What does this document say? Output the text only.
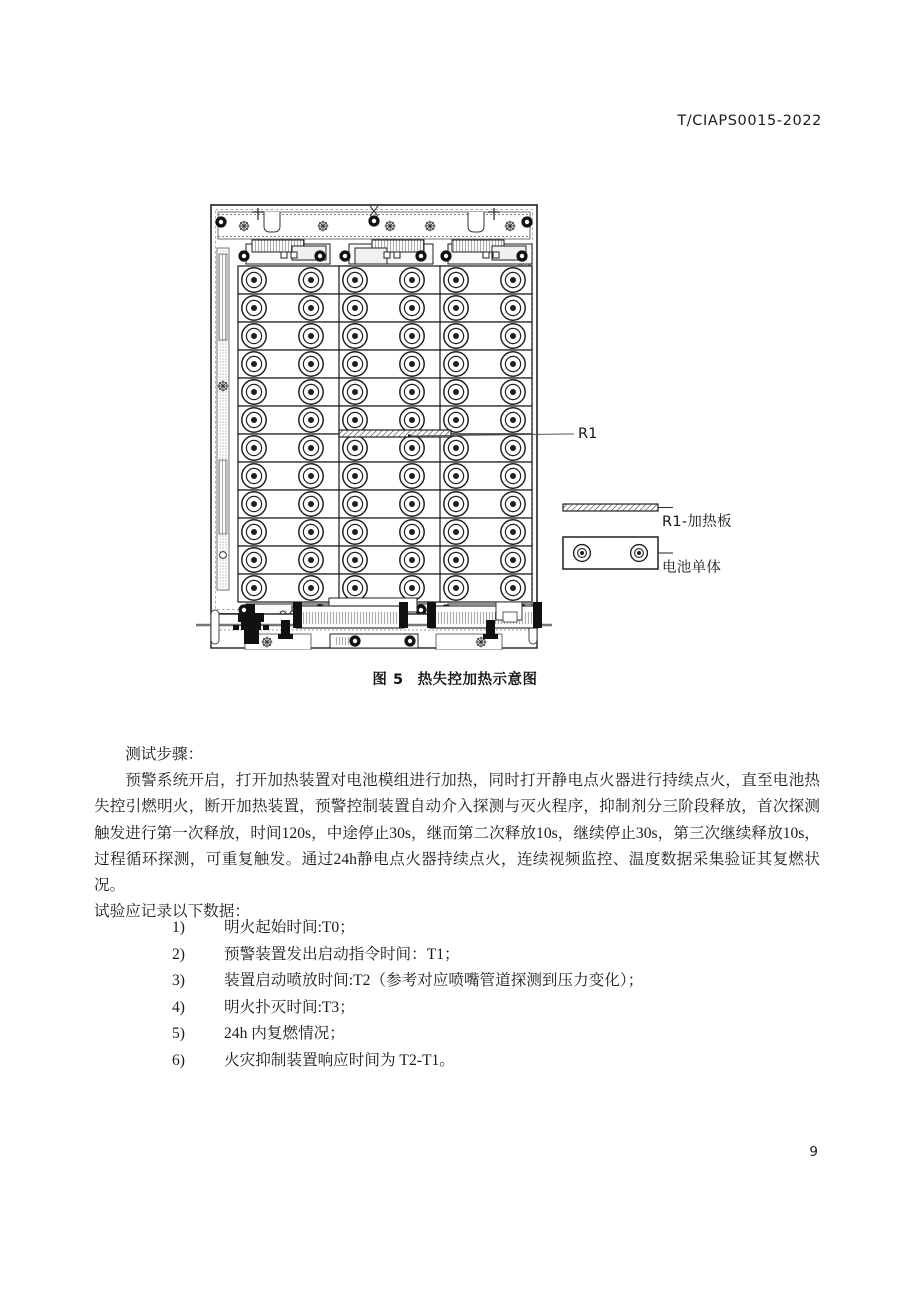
T/CIAPS0015-2022
R1
R1-加热板
电池单体
图 5 热失控加热示意图

测试步骤：

预警系统开启，打开加热装置对电池模组进行加热，同时打开静电点火器进行持续点火，直至电池热失控引燃明火，断开加热装置，预警控制装置自动介入探测与灭火程序，抑制剂分三阶段释放，首次探测触发进行第一次释放，时间120s，中途停止30s，继而第二次释放10s，继续停止30s，第三次继续释放10s，过程循环探测，可重复触发。通过24h静电点火器持续点火，连续视频监控、温度数据采集验证其复燃状况。

试验应记录以下数据：

1)	明火起始时间:T0；
2)	预警装置发出启动指令时间：T1；
3)	装置启动喷放时间:T2（参考对应喷嘴管道探测到压力变化）；
4)	明火扑灭时间:T3；
5)	24h 内复燃情况；
6)	火灾抑制装置响应时间为 T2-T1。
9
